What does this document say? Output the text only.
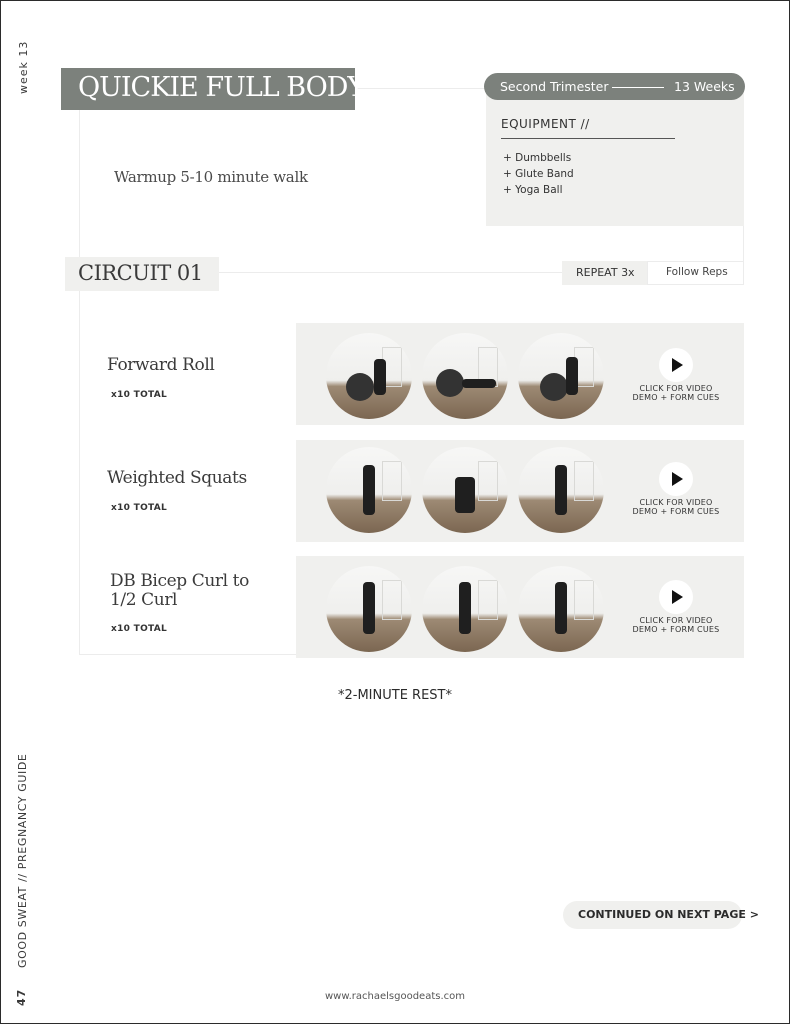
week 13
GOOD SWEAT // PREGNANCY GUIDE
47
QUICKIE FULL BODY
Warmup 5-10 minute walk
Second Trimester	13 Weeks
EQUIPMENT //
+ Dumbbells
+ Glute Band
+ Yoga Ball
CIRCUIT 01	REPEAT 3x	Follow Reps
Forward Roll
x10 TOTAL
CLICK FOR VIDEO
DEMO + FORM CUES
Weighted Squats
x10 TOTAL
CLICK FOR VIDEO
DEMO + FORM CUES
DB Bicep Curl to
1/2 Curl
x10 TOTAL
CLICK FOR VIDEO
DEMO + FORM CUES
*2-MINUTE REST*
CONTINUED ON NEXT PAGE >
www.rachaelsgoodeats.com
